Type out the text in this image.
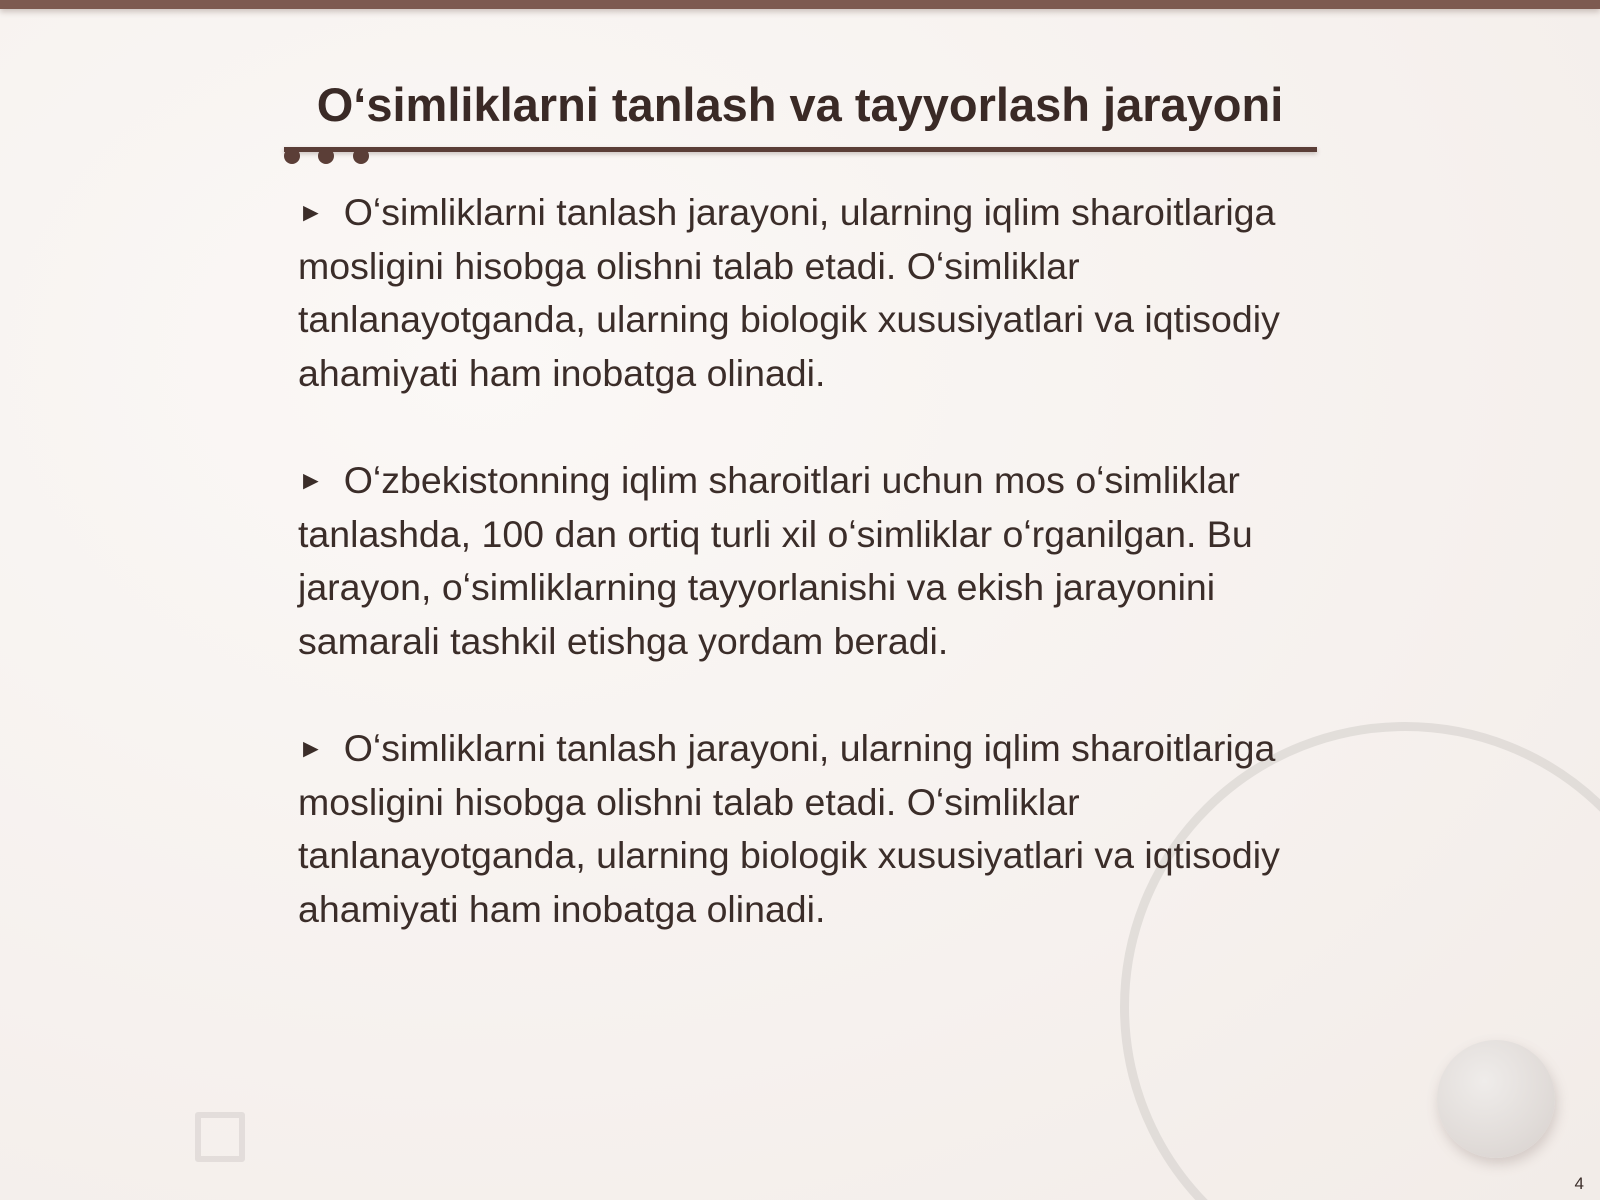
Oʻsimliklarni tanlash va tayyorlash jarayoni

► Oʻsimliklarni tanlash jarayoni, ularning iqlim sharoitlariga mosligini hisobga olishni talab etadi. Oʻsimliklar tanlanayotganda, ularning biologik xususiyatlari va iqtisodiy ahamiyati ham inobatga olinadi.

► Oʻzbekistonning iqlim sharoitlari uchun mos oʻsimliklar tanlashda, 100 dan ortiq turli xil oʻsimliklar oʻrganilgan. Bu jarayon, oʻsimliklarning tayyorlanishi va ekish jarayonini samarali tashkil etishga yordam beradi.

► Oʻsimliklarni tanlash jarayoni, ularning iqlim sharoitlariga mosligini hisobga olishni talab etadi. Oʻsimliklar tanlanayotganda, ularning biologik xususiyatlari va iqtisodiy ahamiyati ham inobatga olinadi.

4
